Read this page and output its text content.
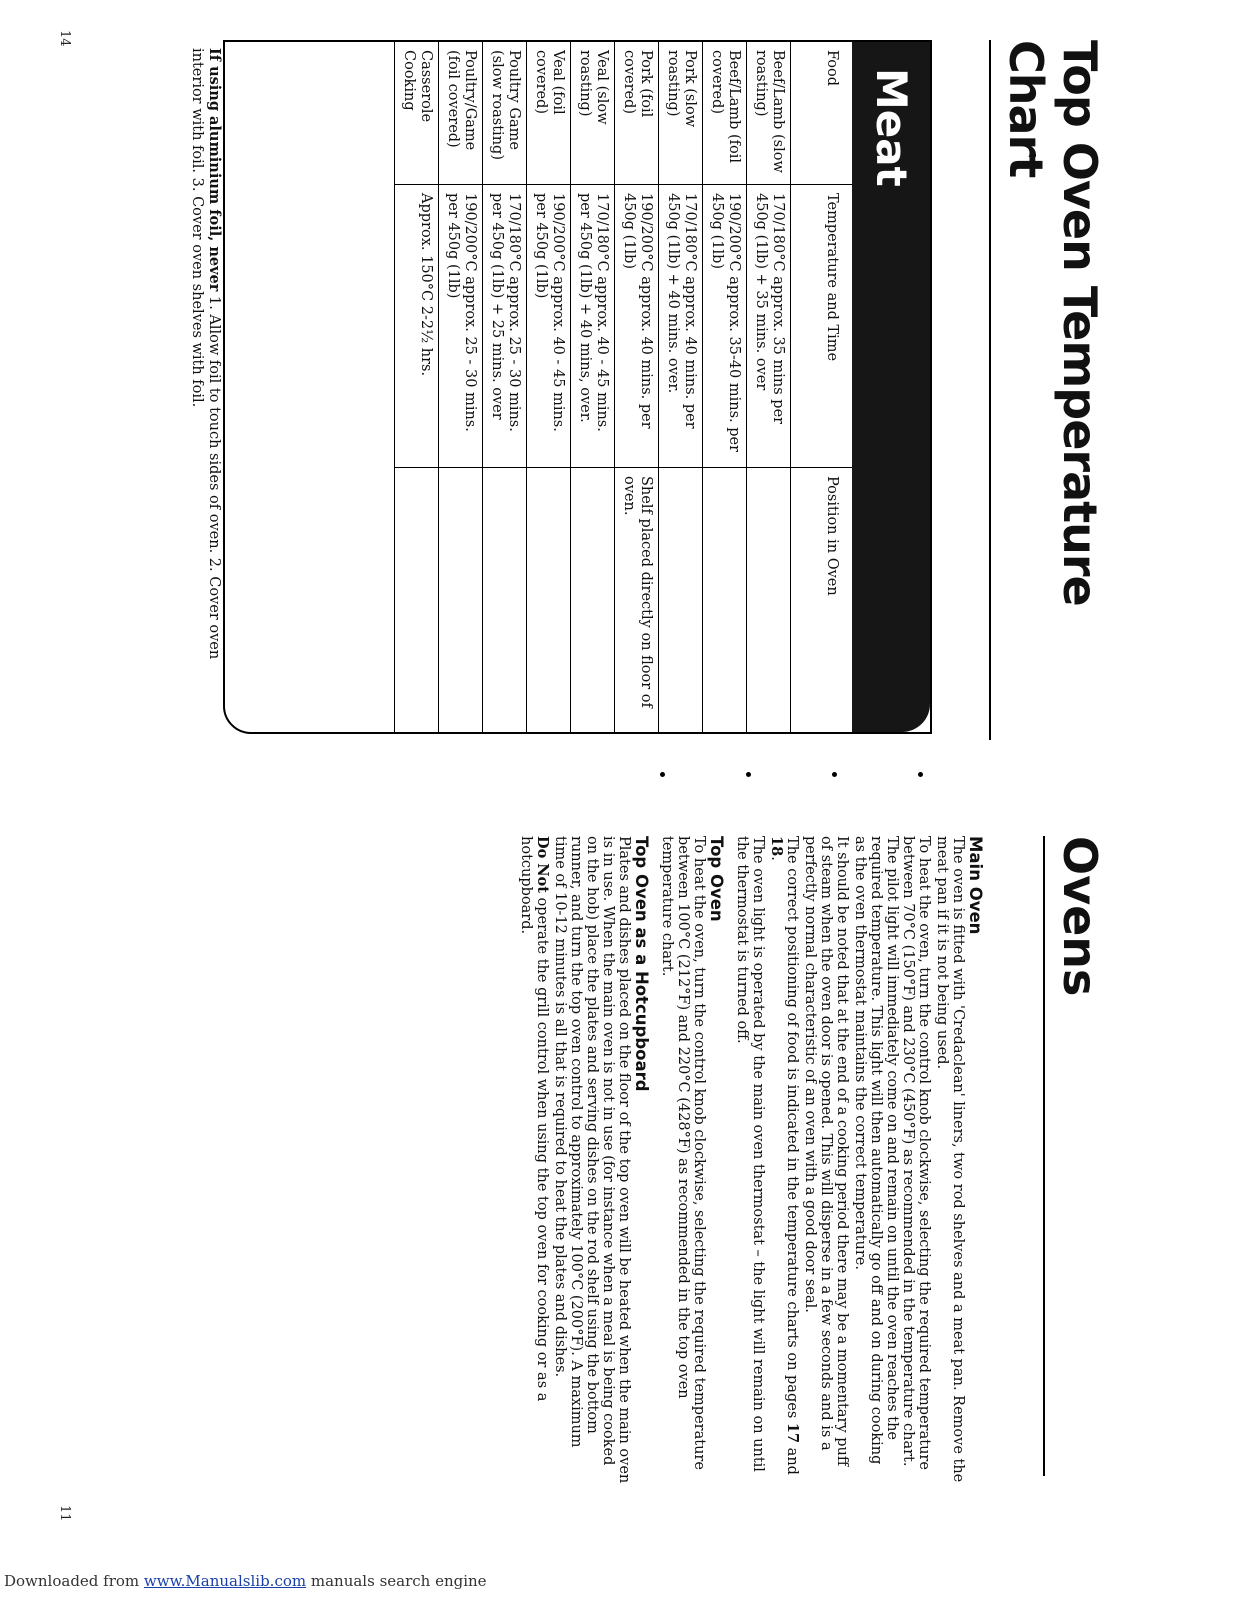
14
11
Top Oven Temperature Chart
Meat
Food	Temperature and Time	Position in Oven
Beef/Lamb (slow roasting)	170/180°C approx. 35 mins per 450g (1lb) + 35 mins. over	
Beef/Lamb (foil covered)	190/200°C approx. 35-40 mins. per 450g (1lb)	
Pork (slow roasting)	170/180°C approx. 40 mins. per 450g (1lb) + 40 mins. over.	
Pork (foil covered)	190/200°C approx. 40 mins. per 450g (1lb)	Shelf placed directly on floor of oven.
Veal (slow roasting)	170/180°C approx. 40 - 45 mins. per 450g (1lb) + 40 mins, over.	
Veal (foil covered)	190/200°C approx. 40 - 45 mins. per 450g (1lb)	
Poultry Game (slow roasting)	170/180°C approx. 25 - 30 mins. per 450g (1lb) + 25 mins. over	
Poultry/Game (foil covered)	190/200°C approx. 25 - 30 mins. per 450g (1lb)	
Casserole Cooking	Approx. 150°C 2-2½ hrs.	

If using aluminium foil, never 1. Allow foil to touch sides of oven. 2. Cover oven interior with foil. 3. Cover oven shelves with foil.

Ovens
Main Oven

The oven is fitted with 'Credaclean' liners, two rod shelves and a meat pan. Remove the meat pan if it is not being used.

To heat the oven, turn the control knob clockwise, selecting the required temperature between 70°C (150°F) and 230°C (450°F) as recommended in the temperature chart. The pilot light will immediately come on and remain on until the oven reaches the required temperature. This light will then automatically go off and on during cooking as the oven thermostat maintains the correct temperature.

It should be noted that at the end of a cooking period there may be a momentary puff of steam when the oven door is opened. This will disperse in a few seconds and is a perfectly normal characteristic of an oven with a good door seal.

The correct positioning of food is indicated in the temperature charts on pages 17 and 18.

The oven light is operated by the main oven thermostat – the light will remain on until the thermostat is turned off.

Top Oven

To heat the oven, turn the control knob clockwise, selecting the required temperature between 100°C (212°F) and 220°C (428°F) as recommended in the top oven temperature chart.

Top Oven as a Hotcupboard

Plates and dishes placed on the floor of the top oven will be heated when the main oven is in use. When the main oven is not in use (for instance when a meal is being cooked on the hob) place the plates and serving dishes on the rod shelf using the bottom runner, and turn the top oven control to approximately 100°C (200°F). A maximum time of 10-12 minutes is all that is required to heat the plates and dishes.

Do Not operate the grill control when using the top oven for cooking or as a hotcupboard.

Downloaded from www.Manualslib.com manuals search engine
